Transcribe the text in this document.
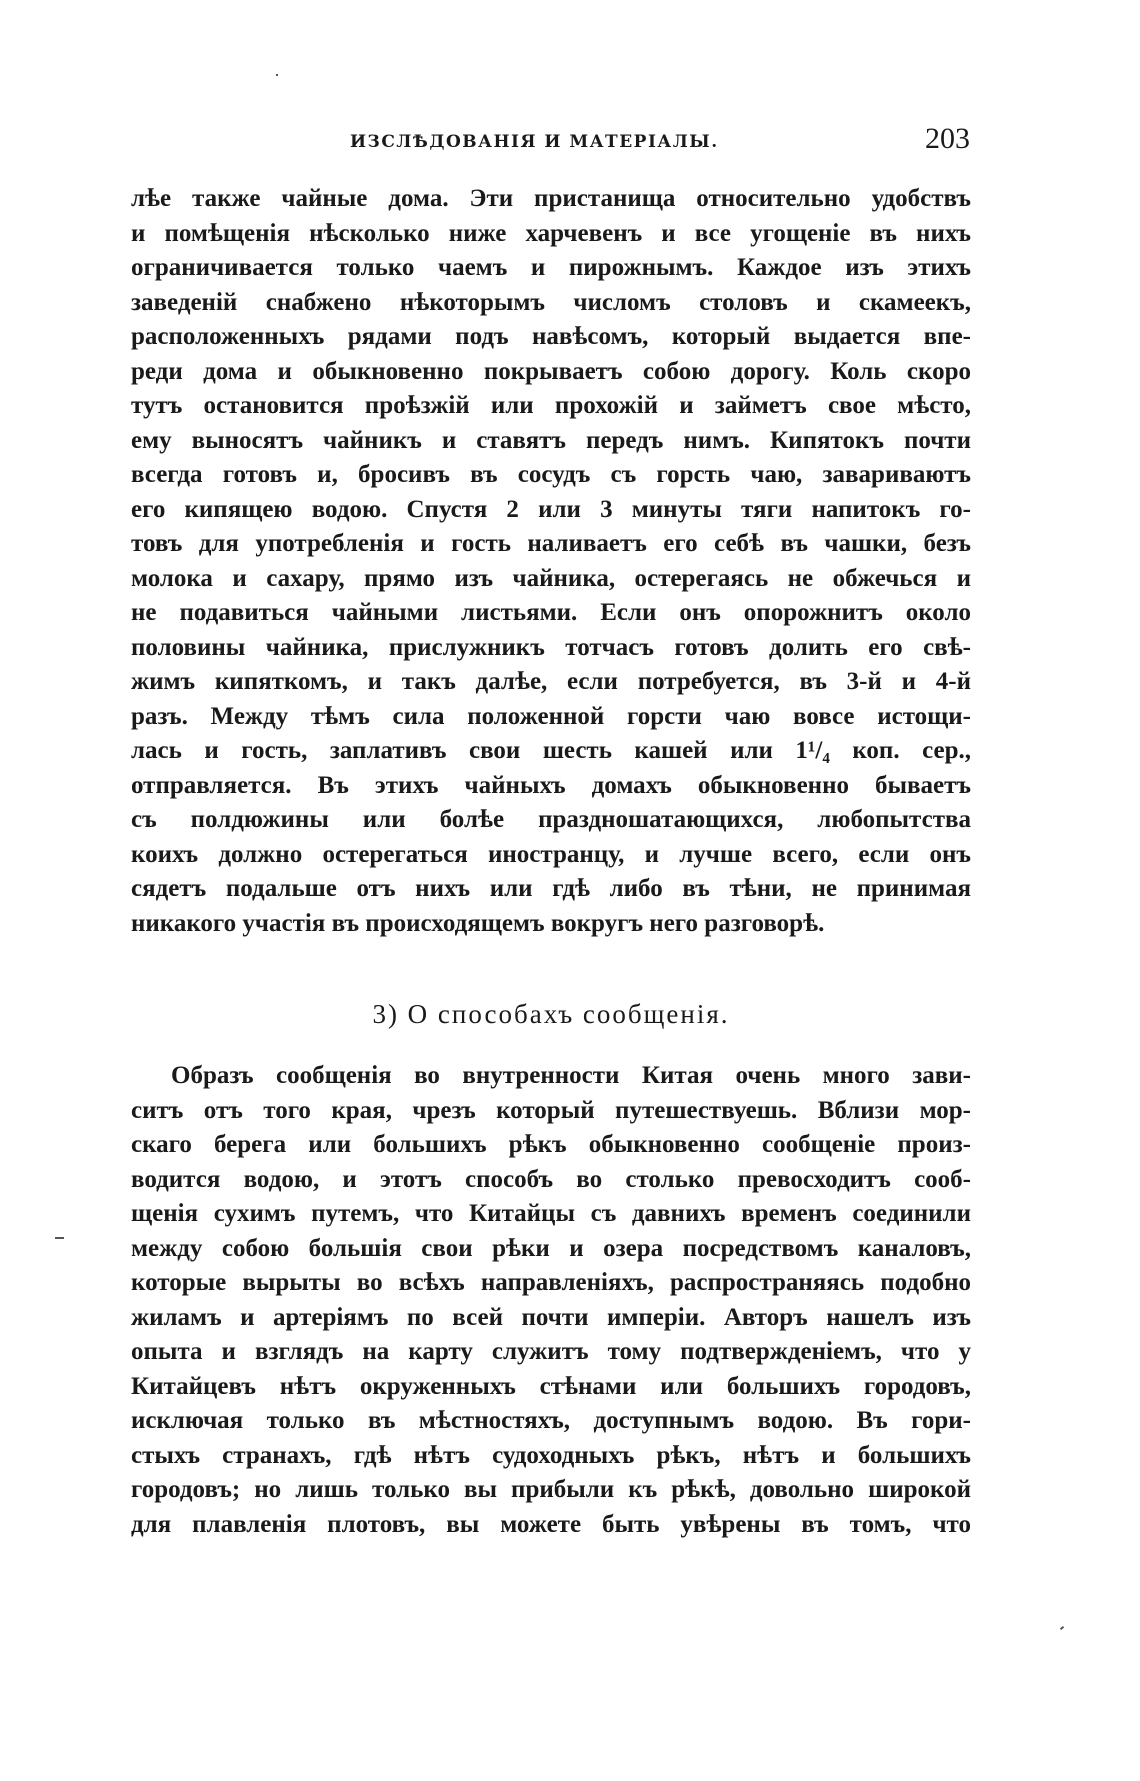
ИЗСЛѢДОВАНІЯ И МАТЕРІАЛЫ.	203
лѣе также чайные дома. Эти пристанища относительно удобствъ
и помѣщенія нѣсколько ниже харчевенъ и все угощеніе въ нихъ
ограничивается только чаемъ и пирожнымъ. Каждое изъ этихъ
заведеній снабжено нѣкоторымъ числомъ столовъ и скамеекъ,
расположенныхъ рядами подъ навѣсомъ, который выдается впе-
реди дома и обыкновенно покрываетъ собою дорогу. Коль скоро
тутъ остановится проѣзжій или прохожій и займетъ свое мѣсто,
ему выносятъ чайникъ и ставятъ передъ нимъ. Кипятокъ почти
всегда готовъ и, бросивъ въ сосудъ съ горсть чаю, завариваютъ
его кипящею водою. Спустя 2 или 3 минуты тяги напитокъ го-
товъ для употребленія и гость наливаетъ его себѣ въ чашки, безъ
молока и сахару, прямо изъ чайника, остерегаясь не обжечься и
не подавиться чайными листьями. Если онъ опорожнитъ около
половины чайника, прислужникъ тотчасъ готовъ долить его свѣ-
жимъ кипяткомъ, и такъ далѣе, если потребуется, въ 3-й и 4-й
разъ. Между тѣмъ сила положенной горсти чаю вовсе истощи-
лась и гость, заплативъ свои шесть кашей или 1¹/₄ коп. сер.,
отправляется. Въ этихъ чайныхъ домахъ обыкновенно бываетъ
съ полдюжины или болѣе праздношатающихся, любопытства
коихъ должно остерегаться иностранцу, и лучше всего, если онъ
сядетъ подальше отъ нихъ или гдѣ либо въ тѣни, не принимая
никакого участія въ происходящемъ вокругъ него разговорѣ.
3) О способахъ сообщенія.
Образъ сообщенія во внутренности Китая очень много зави-
ситъ отъ того края, чрезъ который путешествуешь. Вблизи мор-
скаго берега или большихъ рѣкъ обыкновенно сообщеніе произ-
водится водою, и этотъ способъ во столько превосходитъ сооб-
щенія сухимъ путемъ, что Китайцы съ давнихъ временъ соединили
между собою большія свои рѣки и озера посредствомъ каналовъ,
которые вырыты во всѣхъ направленіяхъ, распространяясь подобно
жиламъ и артеріямъ по всей почти имперіи. Авторъ нашелъ изъ
опыта и взглядъ на карту служитъ тому подтвержденіемъ, что у
Китайцевъ нѣтъ окруженныхъ стѣнами или большихъ городовъ,
исключая только въ мѣстностяхъ, доступнымъ водою. Въ гори-
стыхъ странахъ, гдѣ нѣтъ судоходныхъ рѣкъ, нѣтъ и большихъ
городовъ; но лишь только вы прибыли къ рѣкѣ, довольно широкой
для плавленія плотовъ, вы можете быть увѣрены въ томъ, что
